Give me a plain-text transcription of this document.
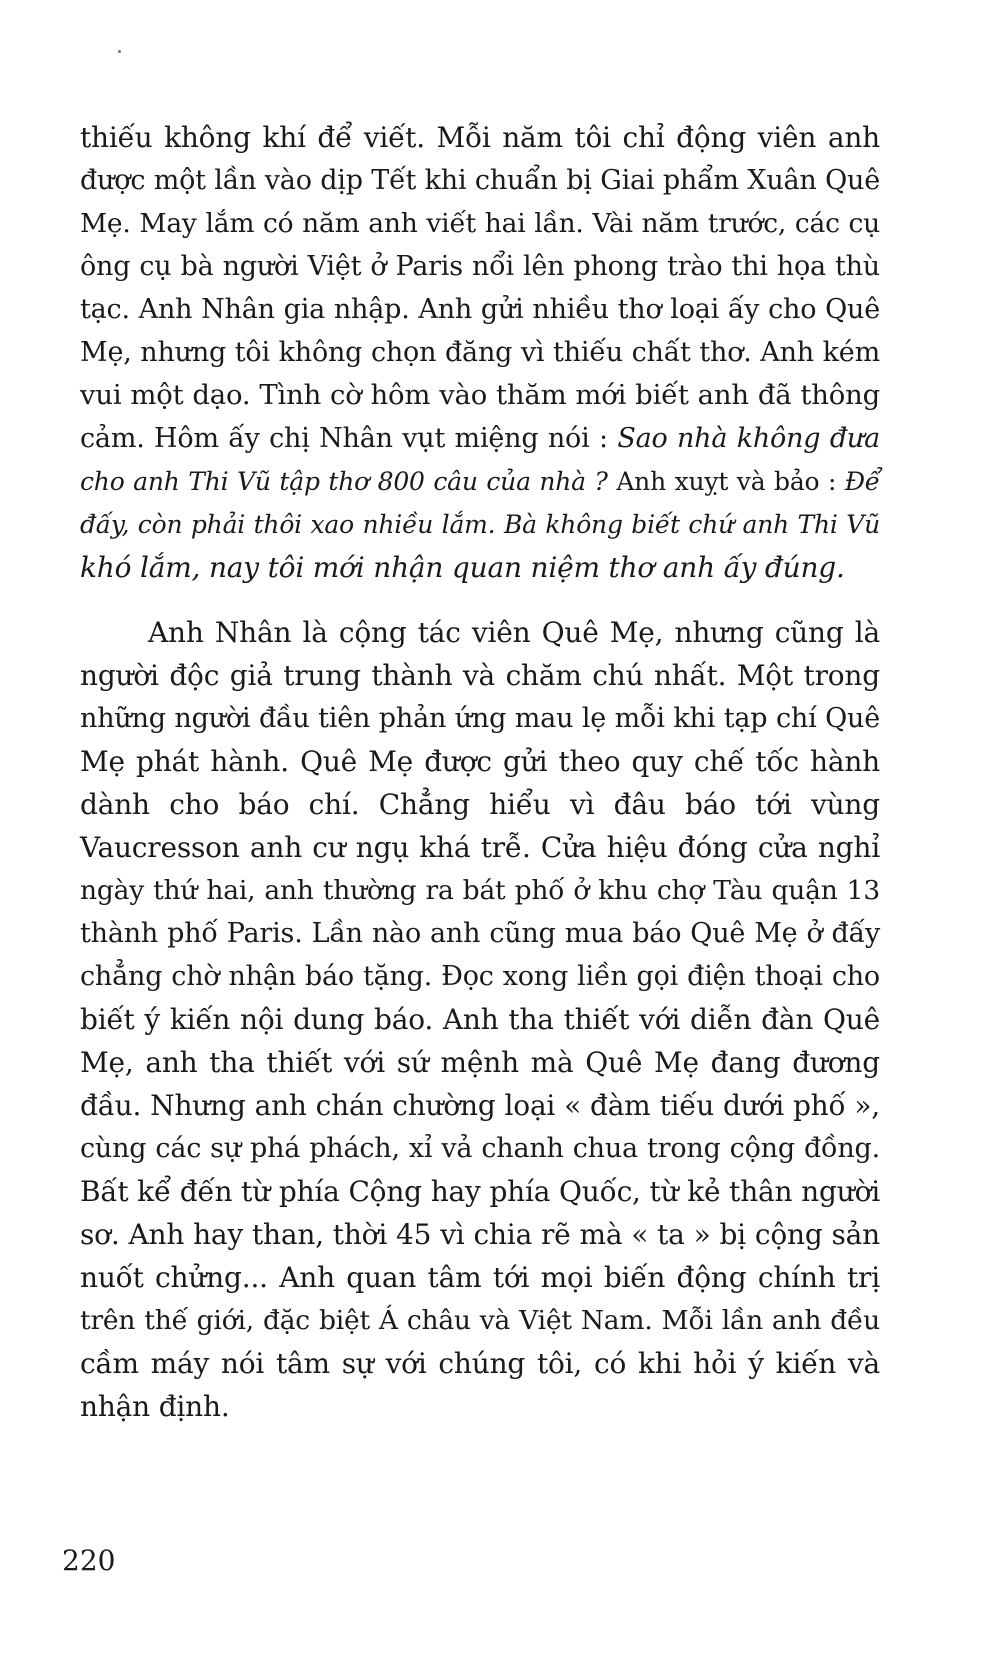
thiếu không khí để viết. Mỗi năm tôi chỉ động viên anh
được một lần vào dịp Tết khi chuẩn bị Giai phẩm Xuân Quê
Mẹ. May lắm có năm anh viết hai lần. Vài năm trước, các cụ
ông cụ bà người Việt ở Paris nổi lên phong trào thi họa thù
tạc. Anh Nhân gia nhập. Anh gửi nhiều thơ loại ấy cho Quê
Mẹ, nhưng tôi không chọn đăng vì thiếu chất thơ. Anh kém
vui một dạo. Tình cờ hôm vào thăm mới biết anh đã thông
cảm. Hôm ấy chị Nhân vụt miệng nói : Sao nhà không đưa
cho anh Thi Vũ tập thơ 800 câu của nhà ? Anh xuỵt và bảo : Để
đấy, còn phải thôi xao nhiều lắm. Bà không biết chứ anh Thi Vũ
khó lắm, nay tôi mới nhận quan niệm thơ anh ấy đúng.
Anh Nhân là cộng tác viên Quê Mẹ, nhưng cũng là
người độc giả trung thành và chăm chú nhất. Một trong
những người đầu tiên phản ứng mau lẹ mỗi khi tạp chí Quê
Mẹ phát hành. Quê Mẹ được gửi theo quy chế tốc hành
dành cho báo chí. Chẳng hiểu vì đâu báo tới vùng
Vaucresson anh cư ngụ khá trễ. Cửa hiệu đóng cửa nghỉ
ngày thứ hai, anh thường ra bát phố ở khu chợ Tàu quận 13
thành phố Paris. Lần nào anh cũng mua báo Quê Mẹ ở đấy
chẳng chờ nhận báo tặng. Đọc xong liền gọi điện thoại cho
biết ý kiến nội dung báo. Anh tha thiết với diễn đàn Quê
Mẹ, anh tha thiết với sứ mệnh mà Quê Mẹ đang đương
đầu. Nhưng anh chán chường loại « đàm tiếu dưới phố »,
cùng các sự phá phách, xỉ vả chanh chua trong cộng đồng.
Bất kể đến từ phía Cộng hay phía Quốc, từ kẻ thân người
sơ. Anh hay than, thời 45 vì chia rẽ mà « ta » bị cộng sản
nuốt chửng... Anh quan tâm tới mọi biến động chính trị
trên thế giới, đặc biệt Á châu và Việt Nam. Mỗi lần anh đều
cầm máy nói tâm sự với chúng tôi, có khi hỏi ý kiến và
nhận định.
220
